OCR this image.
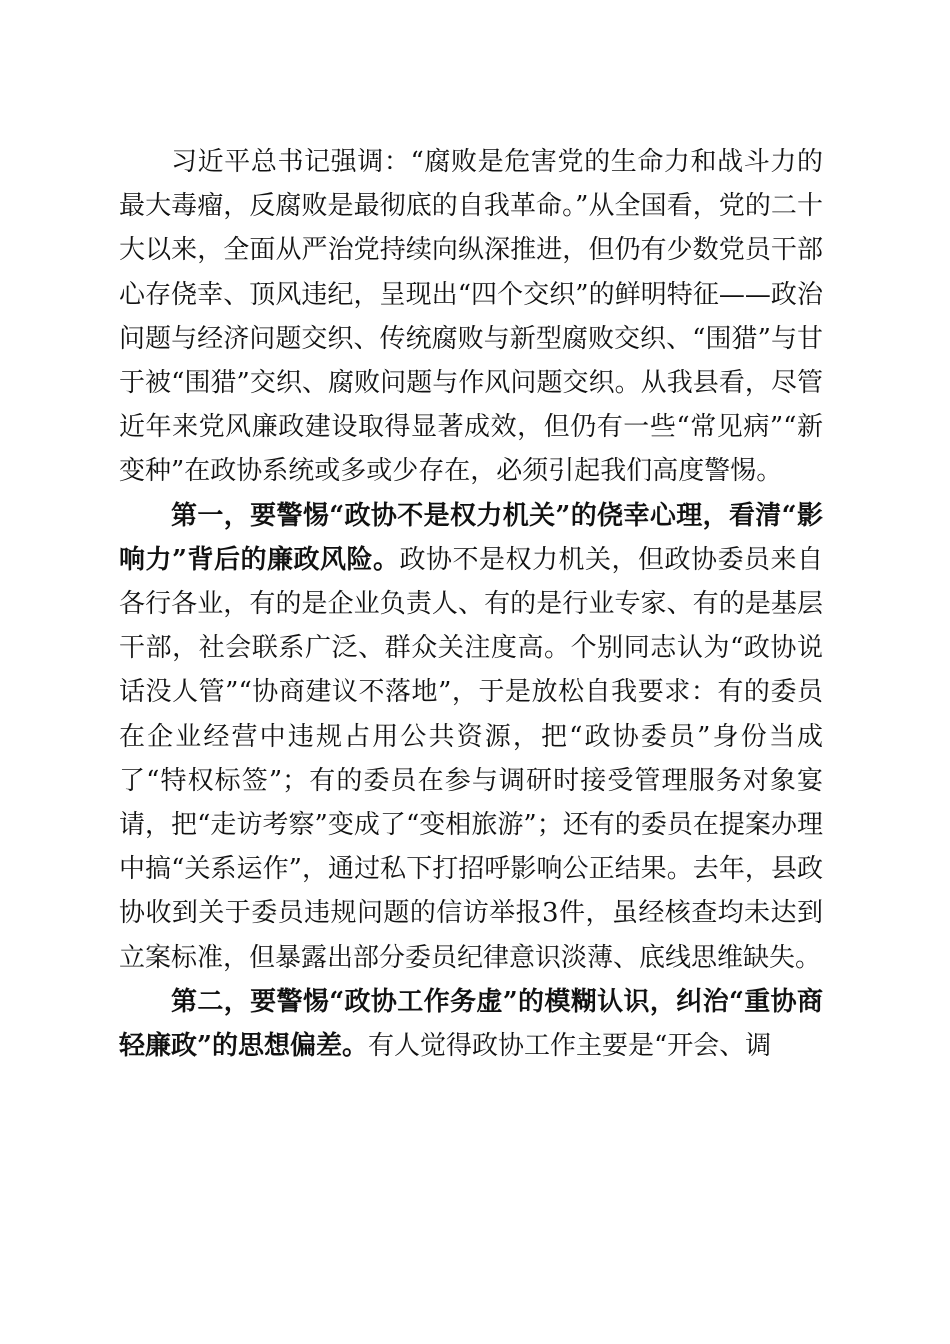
习近平总书记强调：“腐败是危害党的生命力和战斗力的最大毒瘤，反腐败是最彻底的自我革命。”从全国看，党的二十大以来，全面从严治党持续向纵深推进，但仍有少数党员干部心存侥幸、顶风违纪，呈现出“四个交织”的鲜明特征——政治问题与经济问题交织、传统腐败与新型腐败交织、“围猎”与甘于被“围猎”交织、腐败问题与作风问题交织。从我县看，尽管近年来党风廉政建设取得显著成效，但仍有一些“常见病”“新变种”在政协系统或多或少存在，必须引起我们高度警惕。

第一，要警惕“政协不是权力机关”的侥幸心理，看清“影响力”背后的廉政风险。政协不是权力机关，但政协委员来自各行各业，有的是企业负责人、有的是行业专家、有的是基层干部，社会联系广泛、群众关注度高。个别同志认为“政协说话没人管”“协商建议不落地”，于是放松自我要求：有的委员在企业经营中违规占用公共资源，把“政协委员”身份当成了“特权标签”；有的委员在参与调研时接受管理服务对象宴请，把“走访考察”变成了“变相旅游”；还有的委员在提案办理中搞“关系运作”，通过私下打招呼影响公正结果。去年，县政协收到关于委员违规问题的信访举报3件，虽经核查均未达到立案标准，但暴露出部分委员纪律意识淡薄、底线思维缺失。

第二，要警惕“政协工作务虚”的模糊认识，纠治“重协商轻廉政”的思想偏差。有人觉得政协工作主要是“开会、调
